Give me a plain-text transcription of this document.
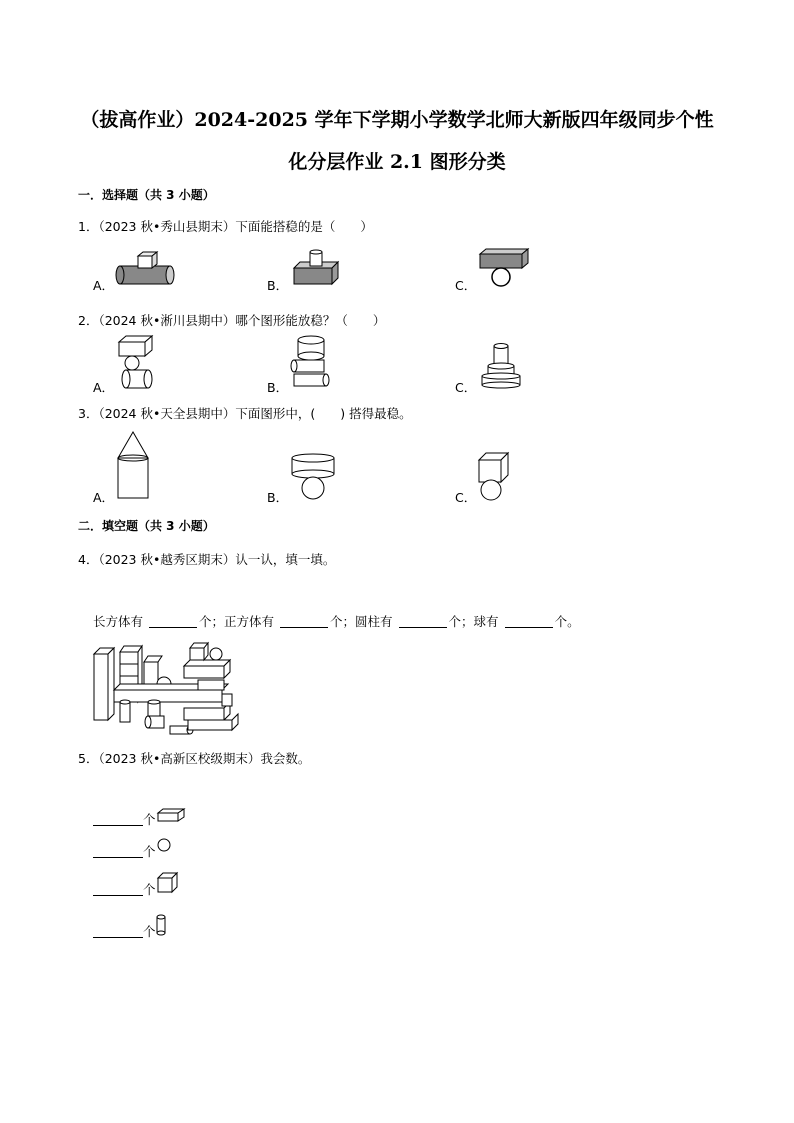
（拔高作业）2024-2025 学年下学期小学数学北师大新版四年级同步个性
化分层作业 2.1 图形分类
一．选择题（共 3 小题）
1．（2023 秋•秀山县期末）下面能搭稳的是（　　）
A．	B．	C．
2．（2024 秋•淅川县期中）哪个图形能放稳？（　　）
A．	B．	C．
3．（2024 秋•天全县期中）下面图形中，(　　) 搭得最稳。
A．	B．	C．
二．填空题（共 3 小题）
4．（2023 秋•越秀区期末）认一认，填一填。
长方体有	个；正方体有	个；圆柱有	个；球有	个。
5．（2023 秋•高新区校级期末）我会数。
个
个
个
个
